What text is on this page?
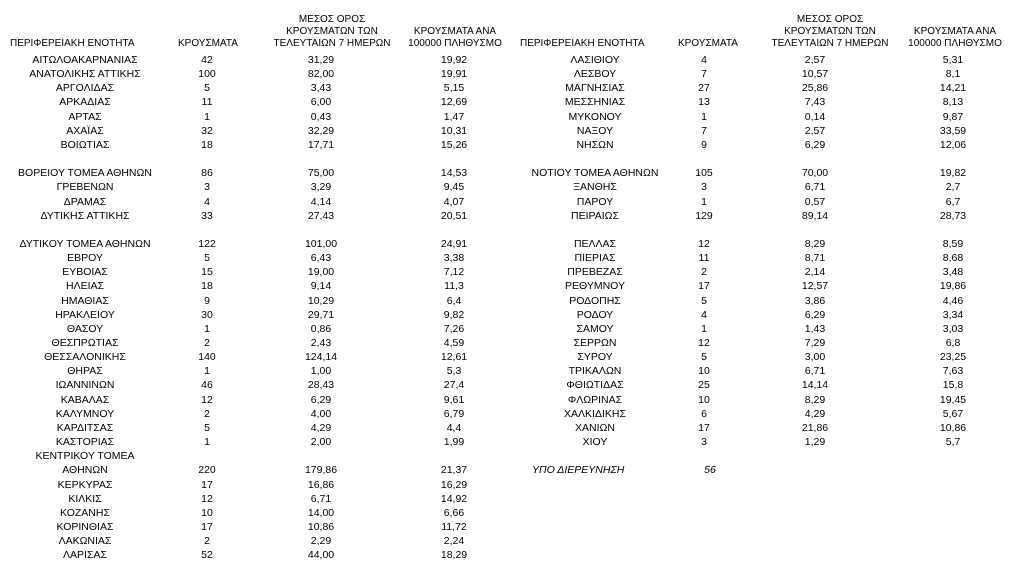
ΠΕΡΙΦΕΡΕΙΑΚΗ ΕΝΟΤΗΤΑ	ΚΡΟΥΣΜΑΤΑ
ΜΕΣΟΣ ΟΡΟΣ ΚΡΟΥΣΜΑΤΩΝ ΤΩΝ ΤΕΛΕΥΤΑΙΩΝ 7 ΗΜΕΡΩΝ
ΚΡΟΥΣΜΑΤΑ ΑΝΑ 100000 ΠΛΗΘΥΣΜΟ	ΠΕΡΙΦΕΡΕΙΑΚΗ ΕΝΟΤΗΤΑ	ΚΡΟΥΣΜΑΤΑ
ΜΕΣΟΣ ΟΡΟΣ ΚΡΟΥΣΜΑΤΩΝ ΤΩΝ ΤΕΛΕΥΤΑΙΩΝ 7 ΗΜΕΡΩΝ
ΚΡΟΥΣΜΑΤΑ ΑΝΑ 100000 ΠΛΗΘΥΣΜΟ
ΑΙΤΩΛΟΑΚΑΡΝΑΝΙΑΣ	42	31,29	19,92
ΑΝΑΤΟΛΙΚΗΣ ΑΤΤΙΚΗΣ	100	82,00	19,91
ΑΡΓΟΛΙΔΑΣ	5	3,43	5,15
ΑΡΚΑΔΙΑΣ	11	6,00	12,69
ΑΡΤΑΣ	1	0,43	1,47
ΑΧΑΪΑΣ	32	32,29	10,31
ΒΟΙΩΤΙΑΣ	18	17,71	15,26
ΒΟΡΕΙΟΥ ΤΟΜΕΑ ΑΘΗΝΩΝ	86	75,00	14,53
ΓΡΕΒΕΝΩΝ	3	3,29	9,45
ΔΡΑΜΑΣ	4	4,14	4,07
ΔΥΤΙΚΗΣ ΑΤΤΙΚΗΣ	33	27,43	20,51
ΔΥΤΙΚΟΥ ΤΟΜΕΑ ΑΘΗΝΩΝ	122	101,00	24,91
ΕΒΡΟΥ	5	6,43	3,38
ΕΥΒΟΙΑΣ	15	19,00	7,12
ΗΛΕΙΑΣ	18	9,14	11,3
ΗΜΑΘΙΑΣ	9	10,29	6,4
ΗΡΑΚΛΕΙΟΥ	30	29,71	9,82
ΘΑΣΟΥ	1	0,86	7,26
ΘΕΣΠΡΩΤΙΑΣ	2	2,43	4,59
ΘΕΣΣΑΛΟΝΙΚΗΣ	140	124,14	12,61
ΘΗΡΑΣ	1	1,00	5,3
ΙΩΑΝΝΙΝΩΝ	46	28,43	27,4
ΚΑΒΑΛΑΣ	12	6,29	9,61
ΚΑΛΥΜΝΟΥ	2	4,00	6,79
ΚΑΡΔΙΤΣΑΣ	5	4,29	4,4
ΚΑΣΤΟΡΙΑΣ	1	2,00	1,99
ΚΕΝΤΡΙΚΟΥ ΤΟΜΕΑ
ΑΘΗΝΩΝ	220	179,86	21,37
ΚΕΡΚΥΡΑΣ	17	16,86	16,29
ΚΙΛΚΙΣ	12	6,71	14,92
ΚΟΖΑΝΗΣ	10	14,00	6,66
ΚΟΡΙΝΘΙΑΣ	17	10,86	11,72
ΛΑΚΩΝΙΑΣ	2	2,29	2,24
ΛΑΡΙΣΑΣ	52	44,00	18,29
ΛΑΣΙΘΙΟΥ	4	2,57	5,31
ΛΕΣΒΟΥ	7	10,57	8,1
ΜΑΓΝΗΣΙΑΣ	27	25,86	14,21
ΜΕΣΣΗΝΙΑΣ	13	7,43	8,13
ΜΥΚΟΝΟΥ	1	0,14	9,87
ΝΑΞΟΥ	7	2,57	33,59
ΝΗΣΩΝ	9	6,29	12,06
ΝΟΤΙΟΥ ΤΟΜΕΑ ΑΘΗΝΩΝ	105	70,00	19,82
ΞΑΝΘΗΣ	3	6,71	2,7
ΠΑΡΟΥ	1	0,57	6,7
ΠΕΙΡΑΙΩΣ	129	89,14	28,73
ΠΕΛΛΑΣ	12	8,29	8,59
ΠΙΕΡΙΑΣ	11	8,71	8,68
ΠΡΕΒΕΖΑΣ	2	2,14	3,48
ΡΕΘΥΜΝΟΥ	17	12,57	19,86
ΡΟΔΟΠΗΣ	5	3,86	4,46
ΡΟΔΟΥ	4	6,29	3,34
ΣΑΜΟΥ	1	1,43	3,03
ΣΕΡΡΩΝ	12	7,29	6,8
ΣΥΡΟΥ	5	3,00	23,25
ΤΡΙΚΑΛΩΝ	10	6,71	7,63
ΦΘΙΩΤΙΔΑΣ	25	14,14	15,8
ΦΛΩΡΙΝΑΣ	10	8,29	19,45
ΧΑΛΚΙΔΙΚΗΣ	6	4,29	5,67
ΧΑΝΙΩΝ	17	21,86	10,86
ΧΙΟΥ	3	1,29	5,7
ΥΠΟ ΔΙΕΡΕΥΝΗΣΗ	56
